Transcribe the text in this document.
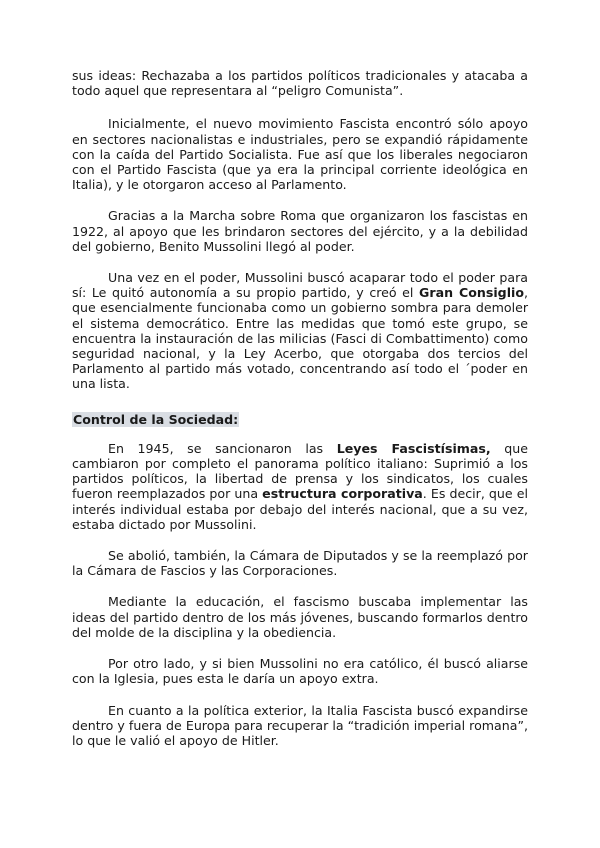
sus ideas: Rechazaba a los partidos políticos tradicionales y atacaba a todo aquel que representara al “peligro Comunista”.

Inicialmente, el nuevo movimiento Fascista encontró sólo apoyo en sectores nacionalistas e industriales, pero se expandió rápidamente con la caída del Partido Socialista. Fue así que los liberales negociaron con el Partido Fascista (que ya era la principal corriente ideológica en Italia), y le otorgaron acceso al Parlamento.

Gracias a la Marcha sobre Roma que organizaron los fascistas en 1922, al apoyo que les brindaron sectores del ejército, y a la debilidad del gobierno, Benito Mussolini llegó al poder.

Una vez en el poder, Mussolini buscó acaparar todo el poder para sí: Le quitó autonomía a su propio partido, y creó el Gran Consiglio, que esencialmente funcionaba como un gobierno sombra para demoler el sistema democrático. Entre las medidas que tomó este grupo, se encuentra la instauración de las milicias (Fasci di Combattimento) como seguridad nacional, y la Ley Acerbo, que otorgaba dos tercios del Parlamento al partido más votado, concentrando así todo el ´poder en una lista.

Control de la Sociedad:

En 1945, se sancionaron las Leyes Fascistísimas, que cambiaron por completo el panorama político italiano: Suprimió a los partidos políticos, la libertad de prensa y los sindicatos, los cuales fueron reemplazados por una estructura corporativa. Es decir, que el interés individual estaba por debajo del interés nacional, que a su vez, estaba dictado por Mussolini.

Se abolió, también, la Cámara de Diputados y se la reemplazó por la Cámara de Fascios y las Corporaciones.

Mediante la educación, el fascismo buscaba implementar las ideas del partido dentro de los más jóvenes, buscando formarlos dentro del molde de la disciplina y la obediencia.

Por otro lado, y si bien Mussolini no era católico, él buscó aliarse con la Iglesia, pues esta le daría un apoyo extra.

En cuanto a la política exterior, la Italia Fascista buscó expandirse dentro y fuera de Europa para recuperar la “tradición imperial romana”, lo que le valió el apoyo de Hitler.
